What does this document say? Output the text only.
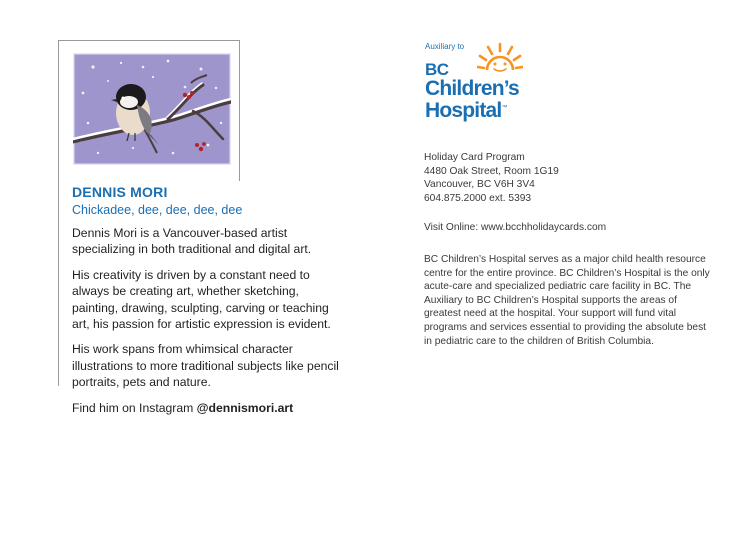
DENNIS MORI
Chickadee, dee, dee, dee, dee

Dennis Mori is a Vancouver-based artist specializing in both traditional and digital art.

His creativity is driven by a constant need to always be creating art, whether sketching, painting, drawing, sculpting, carving or teaching art, his passion for artistic expression is evident.

His work spans from whimsical character illustrations to more traditional subjects like pencil portraits, pets and nature.

Find him on Instagram @dennismori.art

Auxiliary to
BC
Children’s
Hospital™
Holiday Card Program
4480 Oak Street, Room 1G19
Vancouver, BC V6H 3V4
604.875.2000 ext. 5393
Visit Online: www.bcchholidaycards.com
BC Children’s Hospital serves as a major child health resource centre for the entire province. BC Children’s Hospital is the only acute-care and specialized pediatric care facility in BC. The Auxiliary to BC Children’s Hospital supports the areas of greatest need at the hospital. Your support will fund vital programs and services essential to providing the absolute best in pediatric care to the children of British Columbia.
